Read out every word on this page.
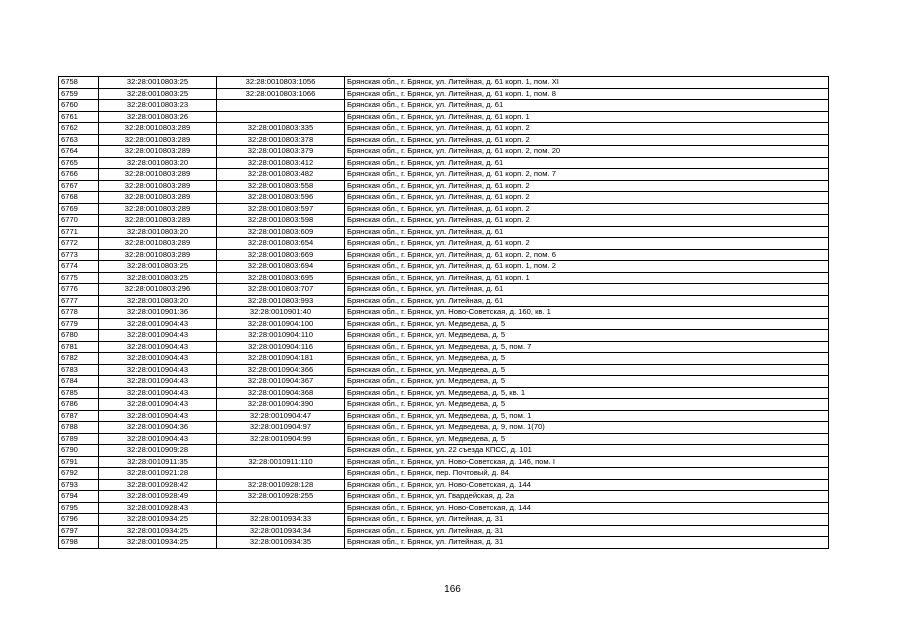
6758	32:28:0010803:25	32:28:0010803:1056	Брянская обл., г. Брянск, ул. Литейная, д. 61 корп. 1, пом. XI
6759	32:28:0010803:25	32:28:0010803:1066	Брянская обл., г. Брянск, ул. Литейная, д. 61 корп. 1, пом. 8
6760	32:28:0010803:23		Брянская обл., г. Брянск, ул. Литейная, д. 61
6761	32:28:0010803:26		Брянская обл., г. Брянск, ул. Литейная, д. 61 корп. 1
6762	32:28:0010803:289	32:28:0010803:335	Брянская обл., г. Брянск, ул. Литейная, д. 61 корп. 2
6763	32:28:0010803:289	32:28:0010803:378	Брянская обл., г. Брянск, ул. Литейная, д. 61 корп. 2
6764	32:28:0010803:289	32:28:0010803:379	Брянская обл., г. Брянск, ул. Литейная, д. 61 корп. 2, пом. 20
6765	32:28:0010803:20	32:28:0010803:412	Брянская обл., г. Брянск, ул. Литейная, д. 61
6766	32:28:0010803:289	32:28:0010803:482	Брянская обл., г. Брянск, ул. Литейная, д. 61 корп. 2, пом. 7
6767	32:28:0010803:289	32:28:0010803:558	Брянская обл., г. Брянск, ул. Литейная, д. 61 корп. 2
6768	32:28:0010803:289	32:28:0010803:596	Брянская обл., г. Брянск, ул. Литейная, д. 61 корп. 2
6769	32:28:0010803:289	32:28:0010803:597	Брянская обл., г. Брянск, ул. Литейная, д. 61 корп. 2
6770	32:28:0010803:289	32:28:0010803:598	Брянская обл., г. Брянск, ул. Литейная, д. 61 корп. 2
6771	32:28:0010803:20	32:28:0010803:609	Брянская обл., г. Брянск, ул. Литейная, д. 61
6772	32:28:0010803:289	32:28:0010803:654	Брянская обл., г. Брянск, ул. Литейная, д. 61 корп. 2
6773	32:28:0010803:289	32:28:0010803:669	Брянская обл., г. Брянск, ул. Литейная, д. 61 корп. 2, пом. 6
6774	32:28:0010803:25	32:28:0010803:694	Брянская обл., г. Брянск, ул. Литейная, д. 61 корп. 1, пом. 2
6775	32:28:0010803:25	32:28:0010803:695	Брянская обл., г. Брянск, ул. Литейная, д. 61 корп. 1
6776	32:28:0010803:296	32:28:0010803:707	Брянская обл., г. Брянск, ул. Литейная, д. 61
6777	32:28:0010803:20	32:28:0010803:993	Брянская обл., г. Брянск, ул. Литейная, д. 61
6778	32:28:0010901:36	32:28:0010901:40	Брянская обл., г. Брянск, ул. Ново-Советская, д. 160, кв. 1
6779	32:28:0010904:43	32:28:0010904:100	Брянская обл., г. Брянск, ул. Медведева, д. 5
6780	32:28:0010904:43	32:28:0010904:110	Брянская обл., г. Брянск, ул. Медведева, д. 5
6781	32:28:0010904:43	32:28:0010904:116	Брянская обл., г. Брянск, ул. Медведева, д. 5, пом. 7
6782	32:28:0010904:43	32:28:0010904:181	Брянская обл., г. Брянск, ул. Медведева, д. 5
6783	32:28:0010904:43	32:28:0010904:366	Брянская обл., г. Брянск, ул. Медведева, д. 5
6784	32:28:0010904:43	32:28:0010904:367	Брянская обл., г. Брянск, ул. Медведева, д. 5
6785	32:28:0010904:43	32:28:0010904:368	Брянская обл., г. Брянск, ул. Медведева, д. 5, кв. 1
6786	32:28:0010904:43	32:28:0010904:390	Брянская обл., г. Брянск, ул. Медведева, д. 5
6787	32:28:0010904:43	32:28:0010904:47	Брянская обл., г. Брянск, ул. Медведева, д. 5, пом. 1
6788	32:28:0010904:36	32:28:0010904:97	Брянская обл., г. Брянск, ул. Медведева, д. 9, пом. 1(70)
6789	32:28:0010904:43	32:28:0010904:99	Брянская обл., г. Брянск, ул. Медведева, д. 5
6790	32:28:0010909:28		Брянская обл., г. Брянск, ул. 22 съезда КПСС, д. 101
6791	32:28:0010911:35	32:28:0010911:110	Брянская обл., г. Брянск, ул. Ново-Советская, д. 146, пом. I
6792	32:28:0010921:28		Брянская обл., г. Брянск, пер. Почтовый, д. 84
6793	32:28:0010928:42	32:28:0010928:128	Брянская обл., г. Брянск, ул. Ново-Советская, д. 144
6794	32:28:0010928:49	32:28:0010928:255	Брянская обл., г. Брянск, ул. Гвардейская, д. 2а
6795	32:28:0010928:43		Брянская обл., г. Брянск, ул. Ново-Советская, д. 144
6796	32:28:0010934:25	32:28:0010934:33	Брянская обл., г. Брянск, ул. Литейная, д. 31
6797	32:28:0010934:25	32:28:0010934:34	Брянская обл., г. Брянск, ул. Литейная, д. 31
6798	32:28:0010934:25	32:28:0010934:35	Брянская обл., г. Брянск, ул. Литейная, д. 31
166
